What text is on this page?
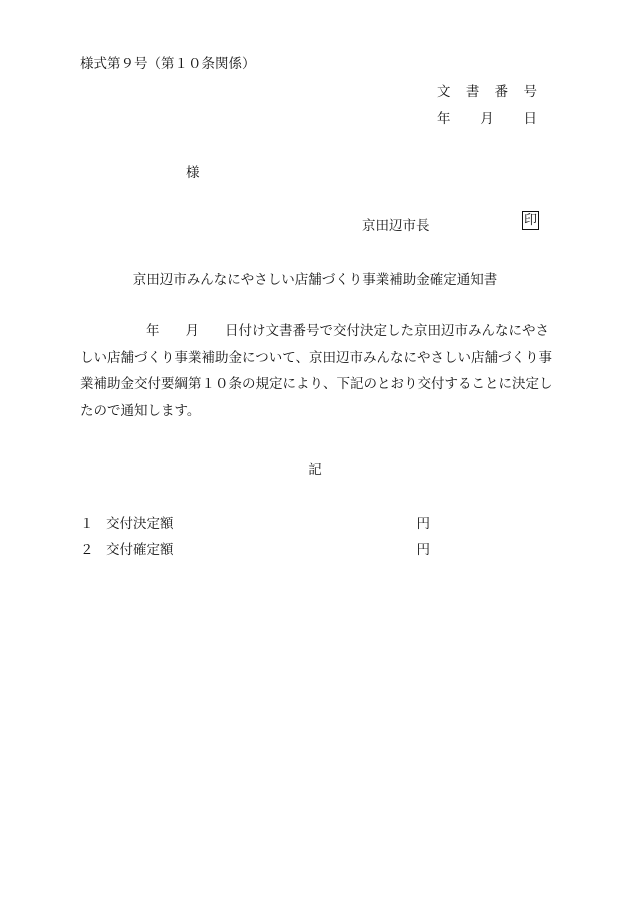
様式第９号（第１０条関係）
文 書 番 号
年 月 日
様
京田辺市長	印
京田辺市みんなにやさしい店舗づくり事業補助金確定通知書
年 月 日付け文書番号で交付決定した京田辺市みんなにやさしい店舗づくり事業補助金について、京田辺市みんなにやさしい店舗づくり事業補助金交付要綱第１０条の規定により、下記のとおり交付することに決定したので通知します。
記
１ 交付決定額	円
２ 交付確定額	円
